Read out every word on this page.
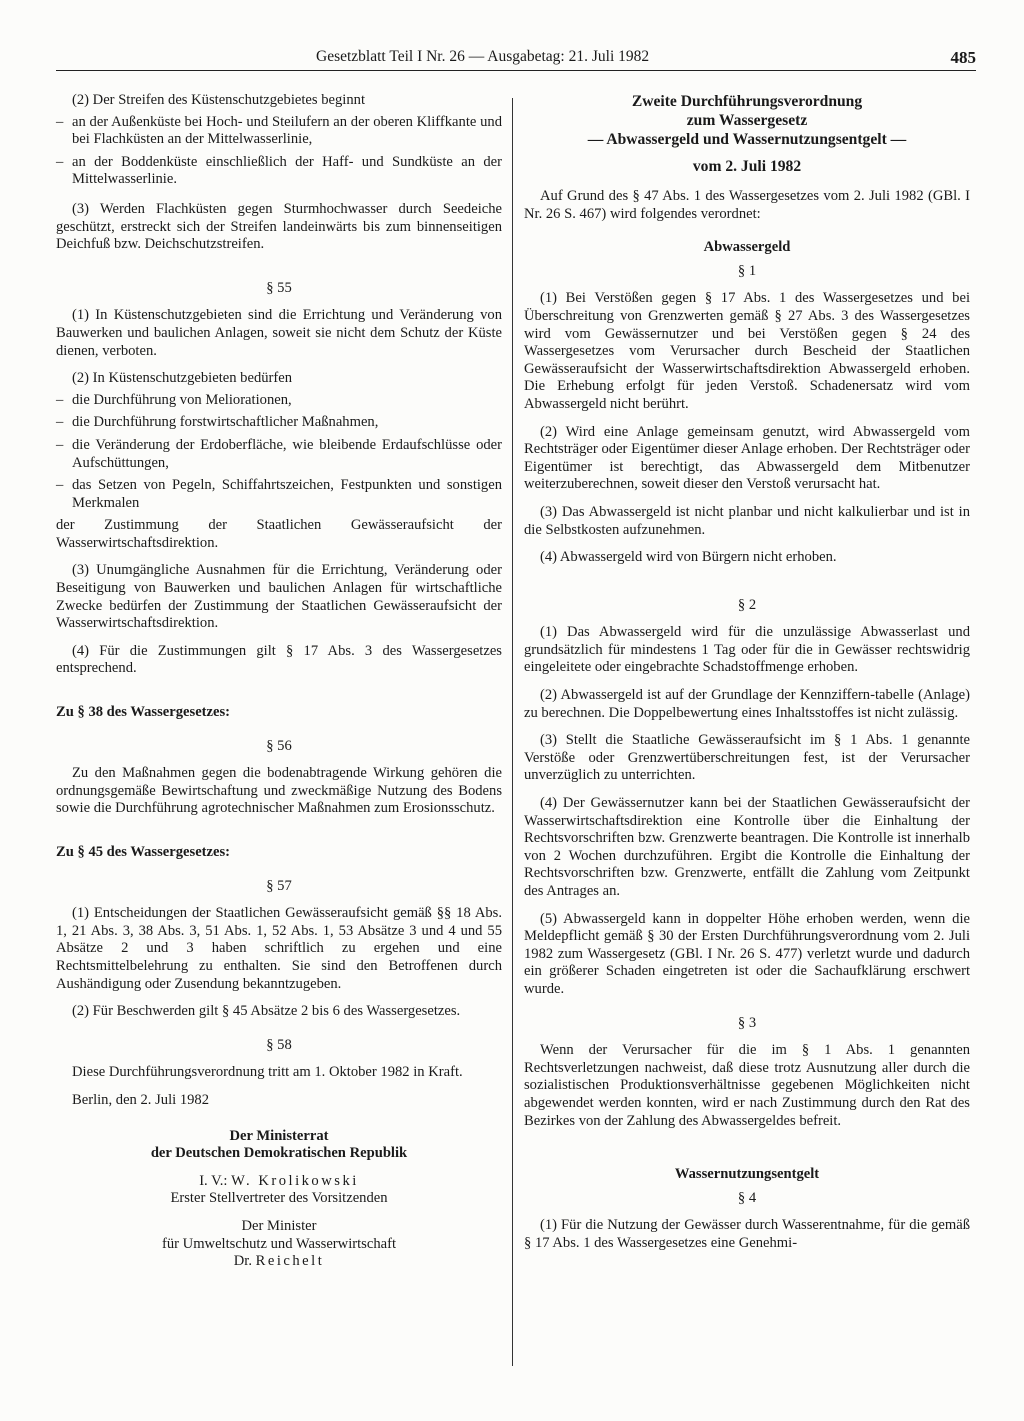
Gesetzblatt Teil I Nr. 26 — Ausgabetag: 21. Juli 1982	485

(2) Der Streifen des Küstenschutzgebietes beginnt

– an der Außenküste bei Hoch- und Steilufern an der oberen Kliffkante und bei Flachküsten an der Mittelwasserlinie,

– an der Boddenküste einschließlich der Haff- und Sundküste an der Mittelwasserlinie.

(3) Werden Flachküsten gegen Sturmhochwasser durch Seedeiche geschützt, erstreckt sich der Streifen landeinwärts bis zum binnenseitigen Deichfuß bzw. Deichschutzstreifen.

§ 55

(1) In Küstenschutzgebieten sind die Errichtung und Veränderung von Bauwerken und baulichen Anlagen, soweit sie nicht dem Schutz der Küste dienen, verboten.

(2) In Küstenschutzgebieten bedürfen

– die Durchführung von Meliorationen,

– die Durchführung forstwirtschaftlicher Maßnahmen,

– die Veränderung der Erdoberfläche, wie bleibende Erdaufschlüsse oder Aufschüttungen,

– das Setzen von Pegeln, Schiffahrtszeichen, Festpunkten und sonstigen Merkmalen

der Zustimmung der Staatlichen Gewässeraufsicht der Wasserwirtschaftsdirektion.

(3) Unumgängliche Ausnahmen für die Errichtung, Veränderung oder Beseitigung von Bauwerken und baulichen Anlagen für wirtschaftliche Zwecke bedürfen der Zustimmung der Staatlichen Gewässeraufsicht der Wasserwirtschaftsdirektion.

(4) Für die Zustimmungen gilt § 17 Abs. 3 des Wassergesetzes entsprechend.

Zu § 38 des Wassergesetzes:

§ 56

Zu den Maßnahmen gegen die bodenabtragende Wirkung gehören die ordnungsgemäße Bewirtschaftung und zweckmäßige Nutzung des Bodens sowie die Durchführung agrotechnischer Maßnahmen zum Erosionsschutz.

Zu § 45 des Wassergesetzes:

§ 57

(1) Entscheidungen der Staatlichen Gewässeraufsicht gemäß §§ 18 Abs. 1, 21 Abs. 3, 38 Abs. 3, 51 Abs. 1, 52 Abs. 1, 53 Absätze 3 und 4 und 55 Absätze 2 und 3 haben schriftlich zu ergehen und eine Rechtsmittelbelehrung zu enthalten. Sie sind den Betroffenen durch Aushändigung oder Zusendung bekanntzugeben.

(2) Für Beschwerden gilt § 45 Absätze 2 bis 6 des Wassergesetzes.

§ 58

Diese Durchführungsverordnung tritt am 1. Oktober 1982 in Kraft.

Berlin, den 2. Juli 1982

Der Ministerrat

der Deutschen Demokratischen Republik

I. V.: W. Krolikowski

Erster Stellvertreter des Vorsitzenden

Der Minister

für Umweltschutz und Wasserwirtschaft

Dr. Reichelt

Zweite Durchführungsverordnung

zum Wassergesetz

— Abwassergeld und Wassernutzungsentgelt —

vom 2. Juli 1982

Auf Grund des § 47 Abs. 1 des Wassergesetzes vom 2. Juli 1982 (GBl. I Nr. 26 S. 467) wird folgendes verordnet:

Abwassergeld

§ 1

(1) Bei Verstößen gegen § 17 Abs. 1 des Wassergesetzes und bei Überschreitung von Grenzwerten gemäß § 27 Abs. 3 des Wassergesetzes wird vom Gewässernutzer und bei Verstößen gegen § 24 des Wassergesetzes vom Verursacher durch Bescheid der Staatlichen Gewässeraufsicht der Wasserwirtschaftsdirektion Abwassergeld erhoben. Die Erhebung erfolgt für jeden Verstoß. Schadenersatz wird vom Abwassergeld nicht berührt.

(2) Wird eine Anlage gemeinsam genutzt, wird Abwassergeld vom Rechtsträger oder Eigentümer dieser Anlage erhoben. Der Rechtsträger oder Eigentümer ist berechtigt, das Abwassergeld dem Mitbenutzer weiterzuberechnen, soweit dieser den Verstoß verursacht hat.

(3) Das Abwassergeld ist nicht planbar und nicht kalkulierbar und ist in die Selbstkosten aufzunehmen.

(4) Abwassergeld wird von Bürgern nicht erhoben.

§ 2

(1) Das Abwassergeld wird für die unzulässige Abwasserlast und grundsätzlich für mindestens 1 Tag oder für die in Gewässer rechtswidrig eingeleitete oder eingebrachte Schadstoffmenge erhoben.

(2) Abwassergeld ist auf der Grundlage der Kennziffern-tabelle (Anlage) zu berechnen. Die Doppelbewertung eines Inhaltsstoffes ist nicht zulässig.

(3) Stellt die Staatliche Gewässeraufsicht im § 1 Abs. 1 genannte Verstöße oder Grenzwertüberschreitungen fest, ist der Verursacher unverzüglich zu unterrichten.

(4) Der Gewässernutzer kann bei der Staatlichen Gewässeraufsicht der Wasserwirtschaftsdirektion eine Kontrolle über die Einhaltung der Rechtsvorschriften bzw. Grenzwerte beantragen. Die Kontrolle ist innerhalb von 2 Wochen durchzuführen. Ergibt die Kontrolle die Einhaltung der Rechtsvorschriften bzw. Grenzwerte, entfällt die Zahlung vom Zeitpunkt des Antrages an.

(5) Abwassergeld kann in doppelter Höhe erhoben werden, wenn die Meldepflicht gemäß § 30 der Ersten Durchführungsverordnung vom 2. Juli 1982 zum Wassergesetz (GBl. I Nr. 26 S. 477) verletzt wurde und dadurch ein größerer Schaden eingetreten ist oder die Sachaufklärung erschwert wurde.

§ 3

Wenn der Verursacher für die im § 1 Abs. 1 genannten Rechtsverletzungen nachweist, daß diese trotz Ausnutzung aller durch die sozialistischen Produktionsverhältnisse gegebenen Möglichkeiten nicht abgewendet werden konnten, wird er nach Zustimmung durch den Rat des Bezirkes von der Zahlung des Abwassergeldes befreit.

Wassernutzungsentgelt

§ 4

(1) Für die Nutzung der Gewässer durch Wasserentnahme, für die gemäß § 17 Abs. 1 des Wassergesetzes eine Genehmi-
